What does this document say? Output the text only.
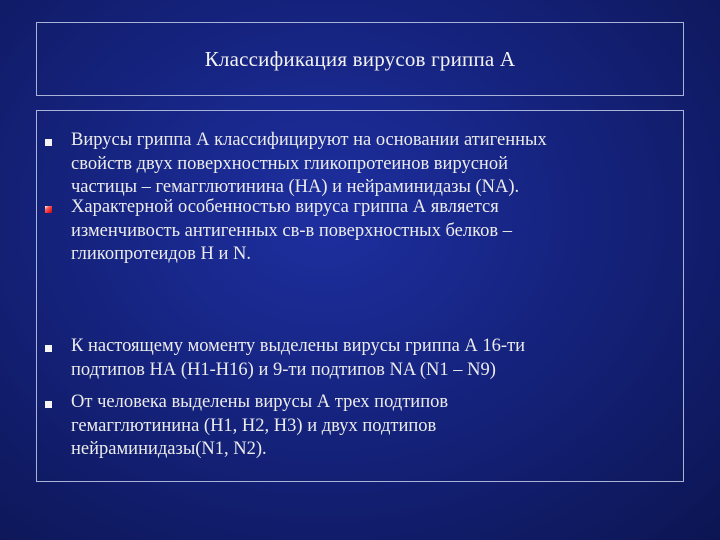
Классификация вирусов гриппа А
Вирусы гриппа А классифицируют на основании атигенных
свойств двух поверхностных гликопротеинов вирусной
частицы – гемагглютинина (HA) и нейраминидазы (NA).
Характерной особенностью вируса гриппа А является
изменчивость антигенных св-в поверхностных белков –
гликопротеидов H и N.
К настоящему моменту выделены вирусы гриппа А 16-ти
подтипов НА (H1-H16) и 9-ти подтипов NA (N1 – N9)
От человека выделены вирусы А трех подтипов
гемагглютинина (Н1, Н2, Н3) и двух подтипов
нейраминидазы(N1, N2).
